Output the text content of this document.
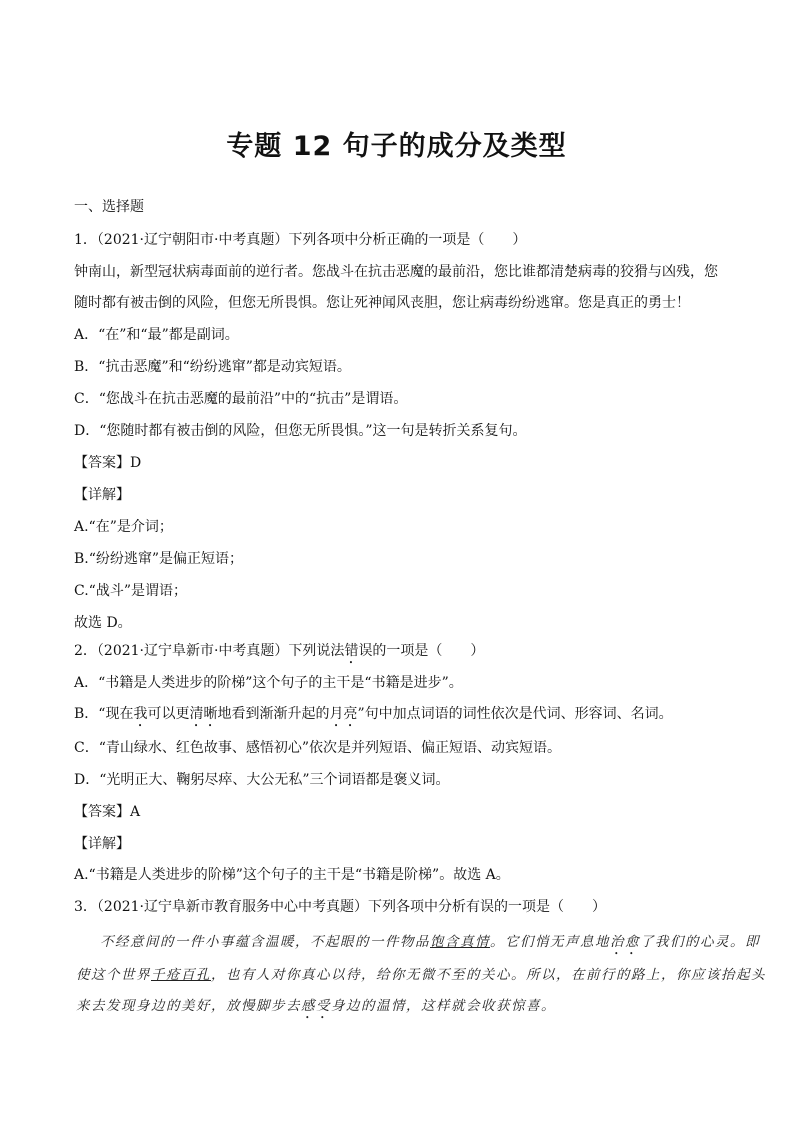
专题 12 句子的成分及类型
一、选择题
1．（2021·辽宁朝阳市·中考真题）下列各项中分析正确的一项是（　　）
钟南山，新型冠状病毒面前的逆行者。您战斗在抗击恶魔的最前沿，您比谁都清楚病毒的狡猾与凶残，您
随时都有被击倒的风险，但您无所畏惧。您让死神闻风丧胆，您让病毒纷纷逃窜。您是真正的勇士！
A．“在”和“最”都是副词。
B．“抗击恶魔”和“纷纷逃窜”都是动宾短语。
C．“您战斗在抗击恶魔的最前沿”中的“抗击”是谓语。
D．“您随时都有被击倒的风险，但您无所畏惧。”这一句是转折关系复句。
【答案】D
【详解】
A.“在”是介词；
B.“纷纷逃窜”是偏正短语；
C.“战斗”是谓语；
故选 D。
2．（2021·辽宁阜新市·中考真题）下列说法错误的一项是（　　）
A．“书籍是人类进步的阶梯”这个句子的主干是“书籍是进步”。
B．“现在我可以更清晰地看到渐渐升起的月亮”句中加点词语的词性依次是代词、形容词、名词。
C．“青山绿水、红色故事、感悟初心”依次是并列短语、偏正短语、动宾短语。
D．“光明正大、鞠躬尽瘁、大公无私”三个词语都是褒义词。
【答案】A
【详解】
A.“书籍是人类进步的阶梯”这个句子的主干是“书籍是阶梯”。故选 A。
3．（2021·辽宁阜新市教育服务中心中考真题）下列各项中分析有误的一项是（　　）
不经意间的一件小事蕴含温暖，不起眼的一件物品饱含真情。它们悄无声息地治愈了我们的心灵。即
使这个世界千疮百孔，也有人对你真心以待，给你无微不至的关心。所以，在前行的路上，你应该抬起头
来去发现身边的美好，放慢脚步去感受身边的温情，这样就会收获惊喜。
